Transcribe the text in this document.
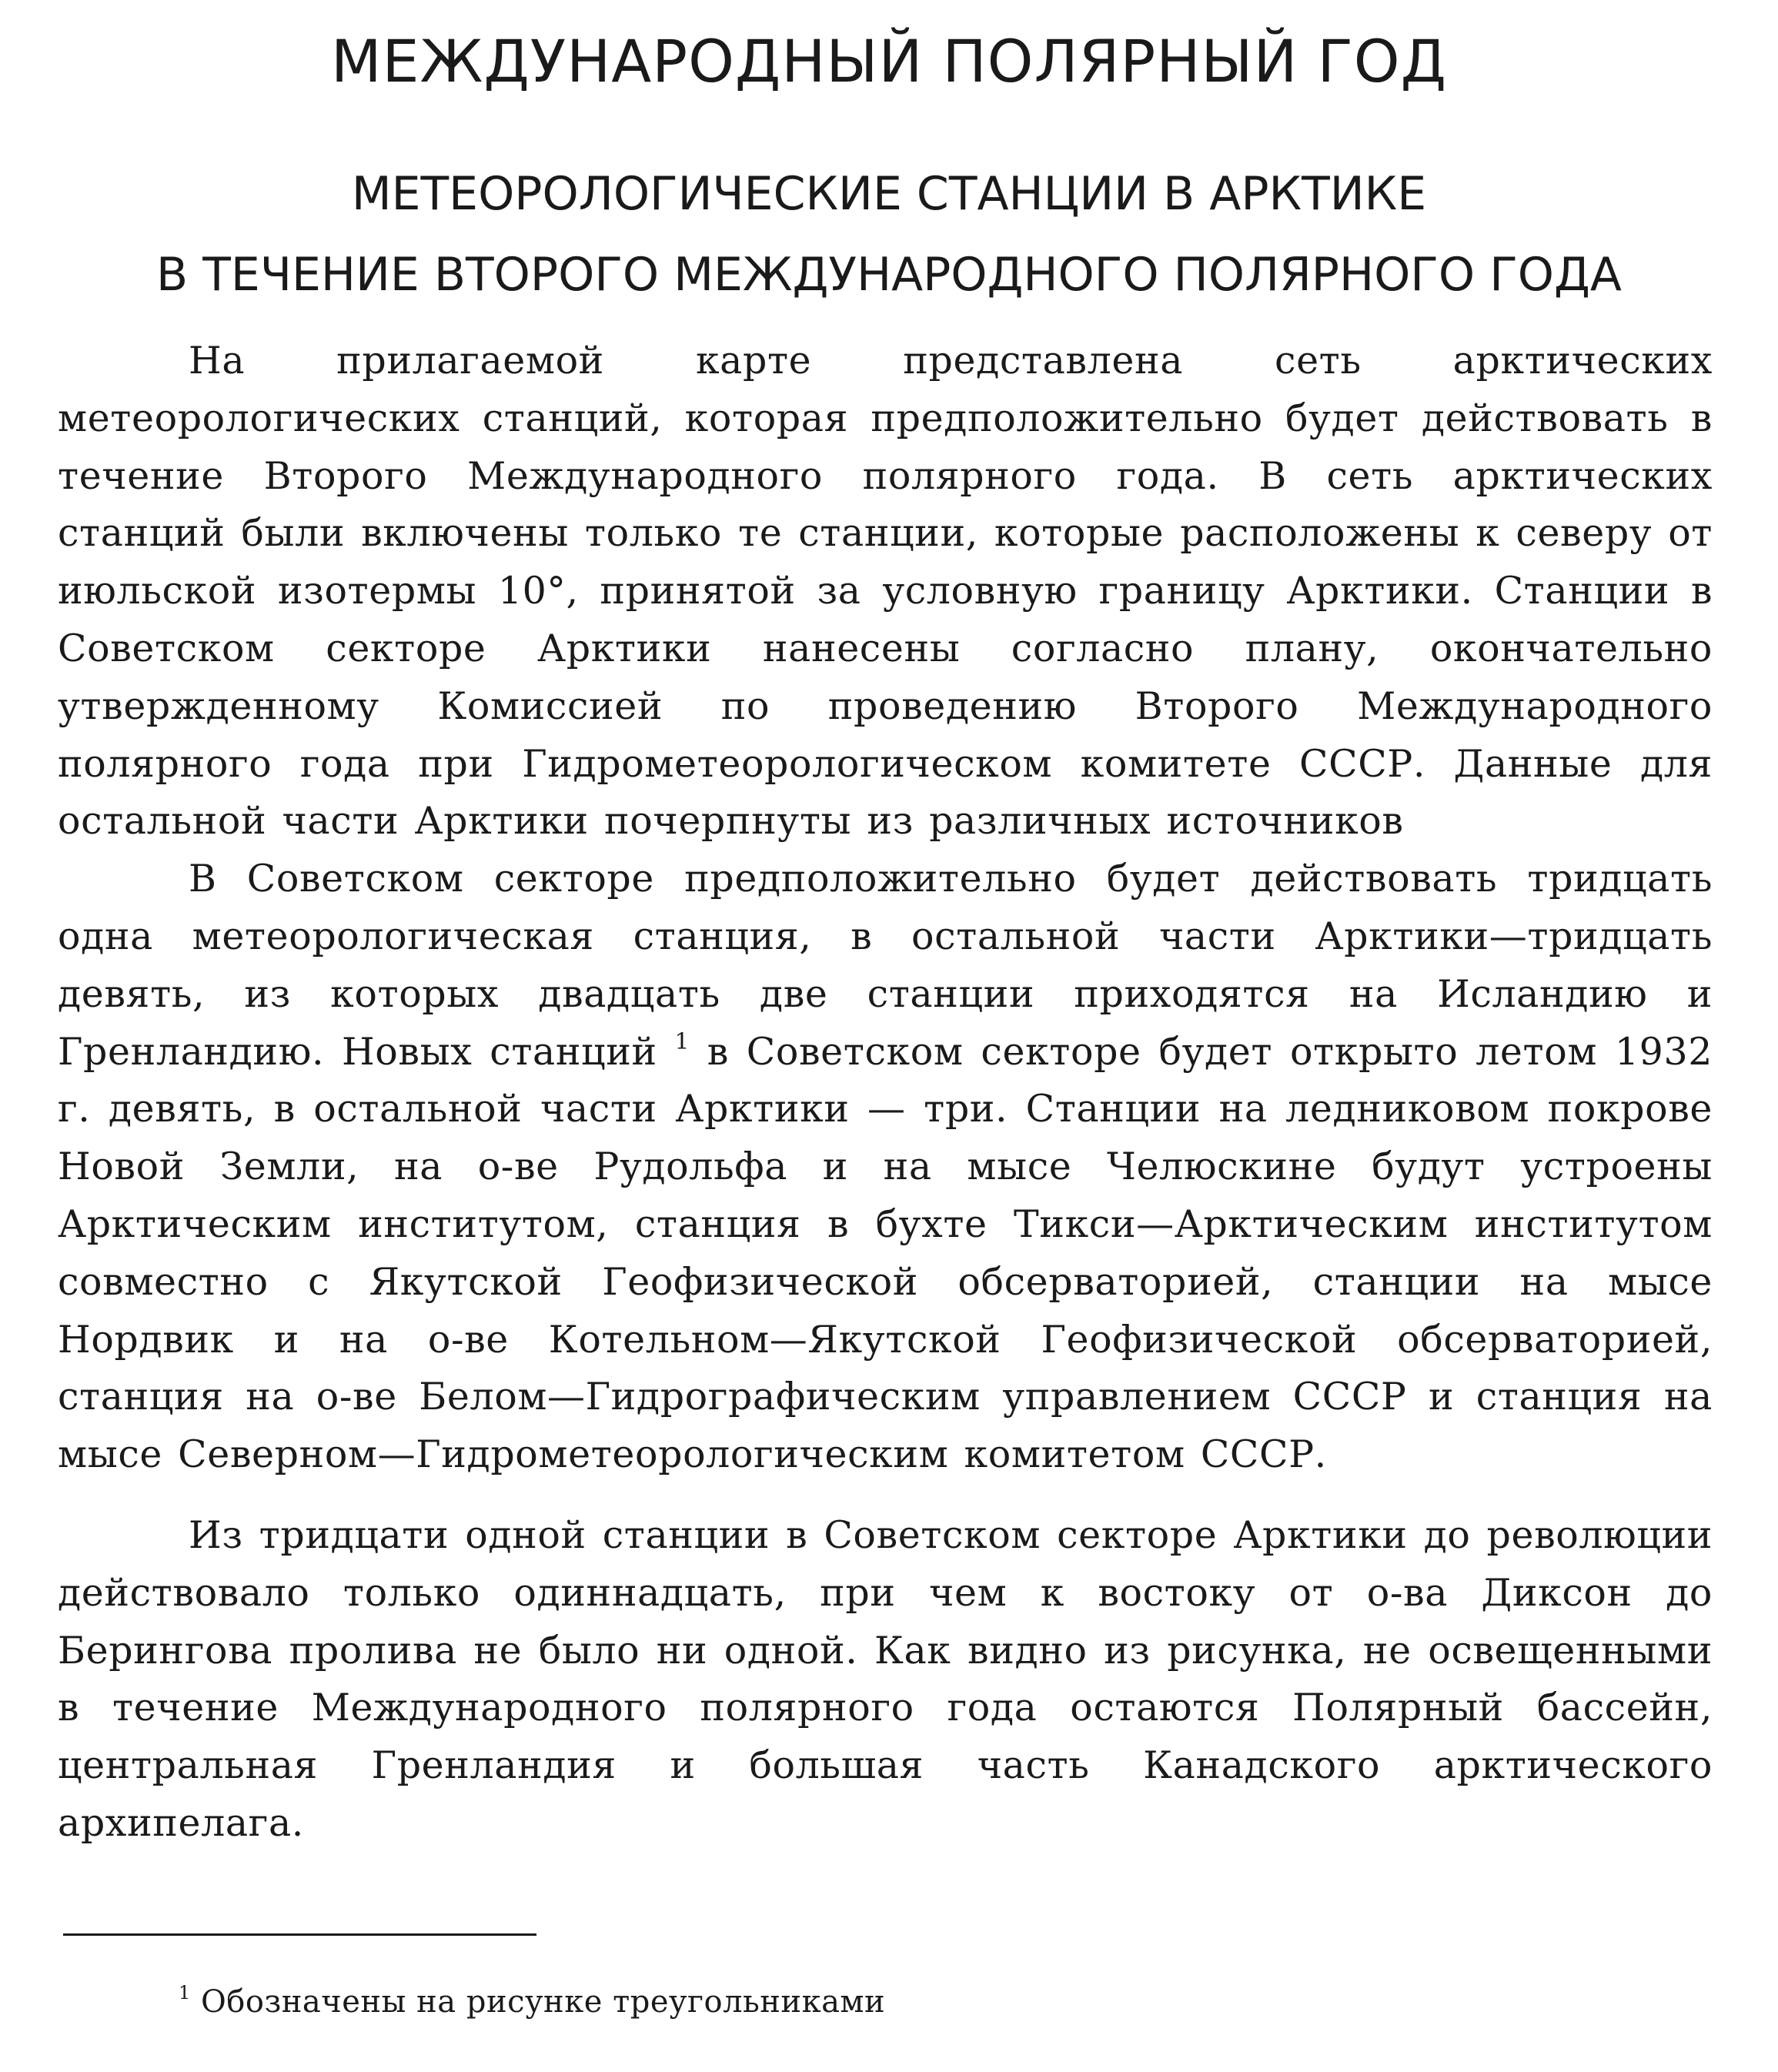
МЕЖДУНАРОДНЫЙ ПОЛЯРНЫЙ ГОД
МЕТЕОРОЛОГИЧЕСКИЕ СТАНЦИИ В АРКТИКЕ
В ТЕЧЕНИЕ ВТОРОГО МЕЖДУНАРОДНОГО ПОЛЯРНОГО ГОДА

На прилагаемой карте представлена сеть арктических метеорологических станций, которая предположительно будет действовать в течение Второго Международного полярного года. В сеть арктических станций были включены только те станции, которые расположены к северу от июльской изотермы 10°, принятой за условную границу Арктики. Станции в Советском секторе Арктики нанесены согласно плану, окончательно утвержденному Комиссией по проведению Второго Международного полярного года при Гидрометеорологическом комитете СССР. Данные для остальной части Арктики почерпнуты из различных источников

В Советском секторе предположительно будет действовать тридцать одна метеорологическая станция, в остальной части Арктики—тридцать девять, из которых двадцать две станции приходятся на Исландию и Гренландию. Новых станций $^1$ в Советском секторе будет открыто летом 1932 г. девять, в остальной части Арктики — три. Станции на ледниковом покрове Новой Земли, на о-ве Рудольфа и на мысе Челюскине будут устроены Арктическим институтом, станция в бухте Тикси—Арктическим институтом совместно с Якутской Геофизической обсерваторией, станции на мысе Нордвик и на о-ве Котельном—Якутской Геофизической обсерваторией, станция на о-ве Белом—Гидрографическим управлением СССР и станция на мысе Северном—Гидрометеорологическим комитетом СССР.

Из тридцати одной станции в Советском секторе Арктики до революции действовало только одиннадцать, при чем к востоку от о-ва Диксон до Берингова пролива не было ни одной. Как видно из рисунка, не освещенными в течение Международного полярного года остаются Полярный бассейн, центральная Гренландия и большая часть Канадского арктического архипелага.

$^1$ Обозначены на рисунке треугольниками
